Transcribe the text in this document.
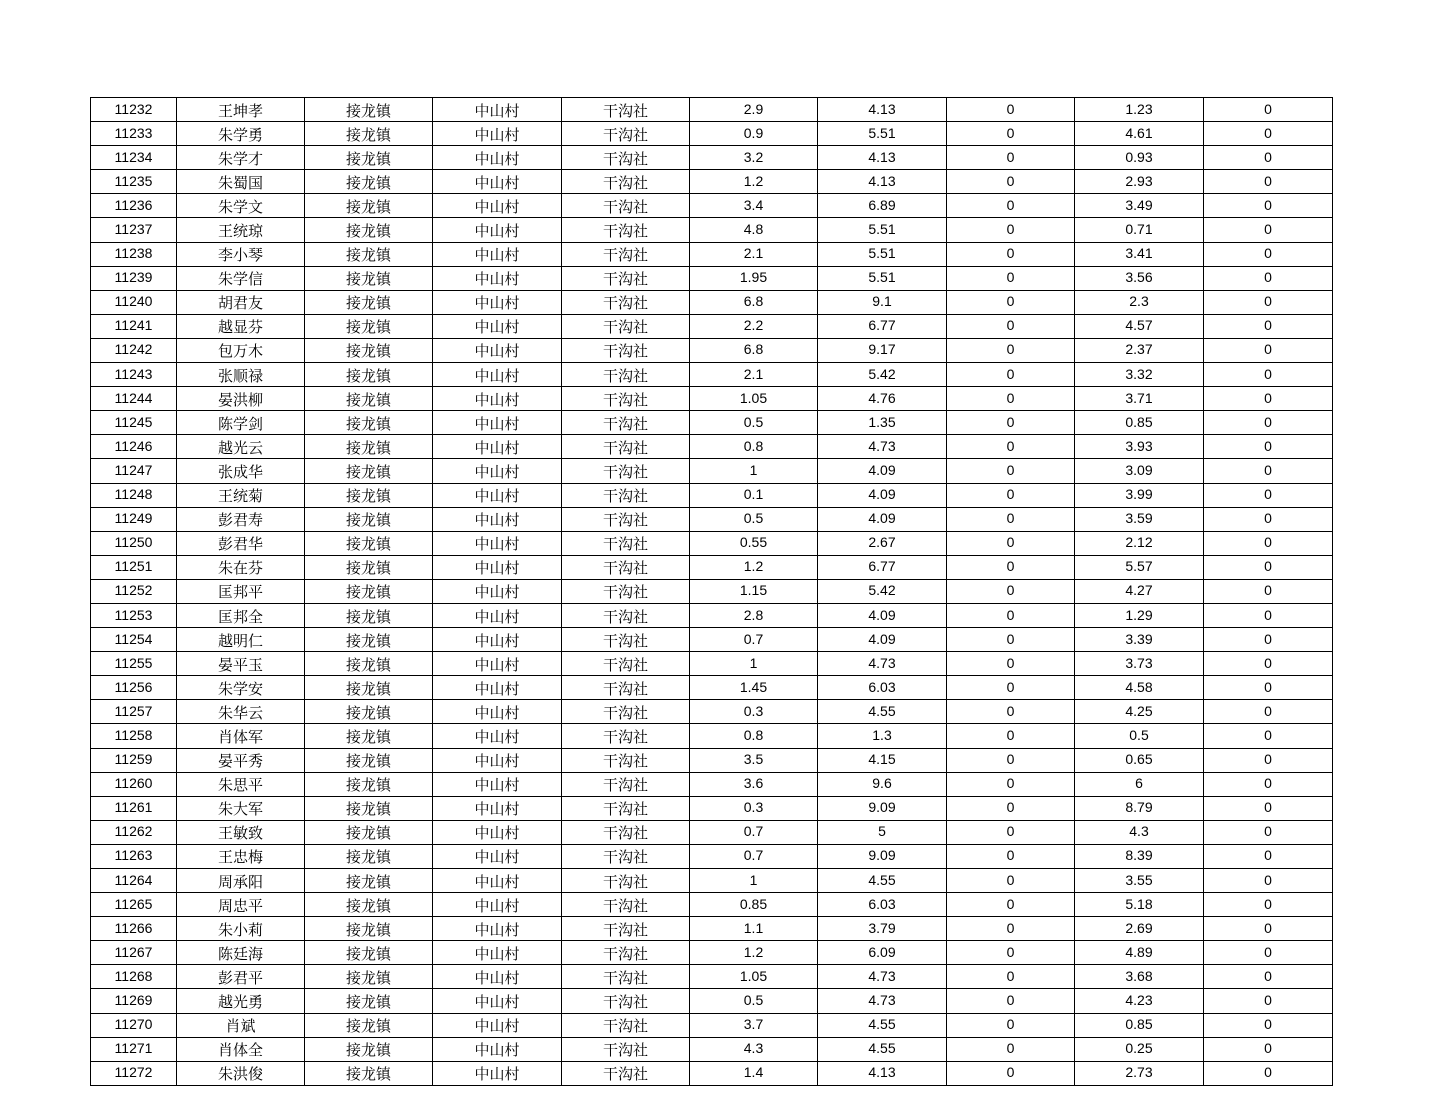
11232	王坤孝	接龙镇	中山村	干沟社	2.9	4.13	0	1.23	0
11233	朱学勇	接龙镇	中山村	干沟社	0.9	5.51	0	4.61	0
11234	朱学才	接龙镇	中山村	干沟社	3.2	4.13	0	0.93	0
11235	朱蜀国	接龙镇	中山村	干沟社	1.2	4.13	0	2.93	0
11236	朱学文	接龙镇	中山村	干沟社	3.4	6.89	0	3.49	0
11237	王统琼	接龙镇	中山村	干沟社	4.8	5.51	0	0.71	0
11238	李小琴	接龙镇	中山村	干沟社	2.1	5.51	0	3.41	0
11239	朱学信	接龙镇	中山村	干沟社	1.95	5.51	0	3.56	0
11240	胡君友	接龙镇	中山村	干沟社	6.8	9.1	0	2.3	0
11241	越显芬	接龙镇	中山村	干沟社	2.2	6.77	0	4.57	0
11242	包万木	接龙镇	中山村	干沟社	6.8	9.17	0	2.37	0
11243	张顺禄	接龙镇	中山村	干沟社	2.1	5.42	0	3.32	0
11244	晏洪柳	接龙镇	中山村	干沟社	1.05	4.76	0	3.71	0
11245	陈学剑	接龙镇	中山村	干沟社	0.5	1.35	0	0.85	0
11246	越光云	接龙镇	中山村	干沟社	0.8	4.73	0	3.93	0
11247	张成华	接龙镇	中山村	干沟社	1	4.09	0	3.09	0
11248	王统菊	接龙镇	中山村	干沟社	0.1	4.09	0	3.99	0
11249	彭君寿	接龙镇	中山村	干沟社	0.5	4.09	0	3.59	0
11250	彭君华	接龙镇	中山村	干沟社	0.55	2.67	0	2.12	0
11251	朱在芬	接龙镇	中山村	干沟社	1.2	6.77	0	5.57	0
11252	匡邦平	接龙镇	中山村	干沟社	1.15	5.42	0	4.27	0
11253	匡邦全	接龙镇	中山村	干沟社	2.8	4.09	0	1.29	0
11254	越明仁	接龙镇	中山村	干沟社	0.7	4.09	0	3.39	0
11255	晏平玉	接龙镇	中山村	干沟社	1	4.73	0	3.73	0
11256	朱学安	接龙镇	中山村	干沟社	1.45	6.03	0	4.58	0
11257	朱华云	接龙镇	中山村	干沟社	0.3	4.55	0	4.25	0
11258	肖体军	接龙镇	中山村	干沟社	0.8	1.3	0	0.5	0
11259	晏平秀	接龙镇	中山村	干沟社	3.5	4.15	0	0.65	0
11260	朱思平	接龙镇	中山村	干沟社	3.6	9.6	0	6	0
11261	朱大军	接龙镇	中山村	干沟社	0.3	9.09	0	8.79	0
11262	王敏致	接龙镇	中山村	干沟社	0.7	5	0	4.3	0
11263	王忠梅	接龙镇	中山村	干沟社	0.7	9.09	0	8.39	0
11264	周承阳	接龙镇	中山村	干沟社	1	4.55	0	3.55	0
11265	周忠平	接龙镇	中山村	干沟社	0.85	6.03	0	5.18	0
11266	朱小莉	接龙镇	中山村	干沟社	1.1	3.79	0	2.69	0
11267	陈廷海	接龙镇	中山村	干沟社	1.2	6.09	0	4.89	0
11268	彭君平	接龙镇	中山村	干沟社	1.05	4.73	0	3.68	0
11269	越光勇	接龙镇	中山村	干沟社	0.5	4.73	0	4.23	0
11270	肖斌	接龙镇	中山村	干沟社	3.7	4.55	0	0.85	0
11271	肖体全	接龙镇	中山村	干沟社	4.3	4.55	0	0.25	0
11272	朱洪俊	接龙镇	中山村	干沟社	1.4	4.13	0	2.73	0
